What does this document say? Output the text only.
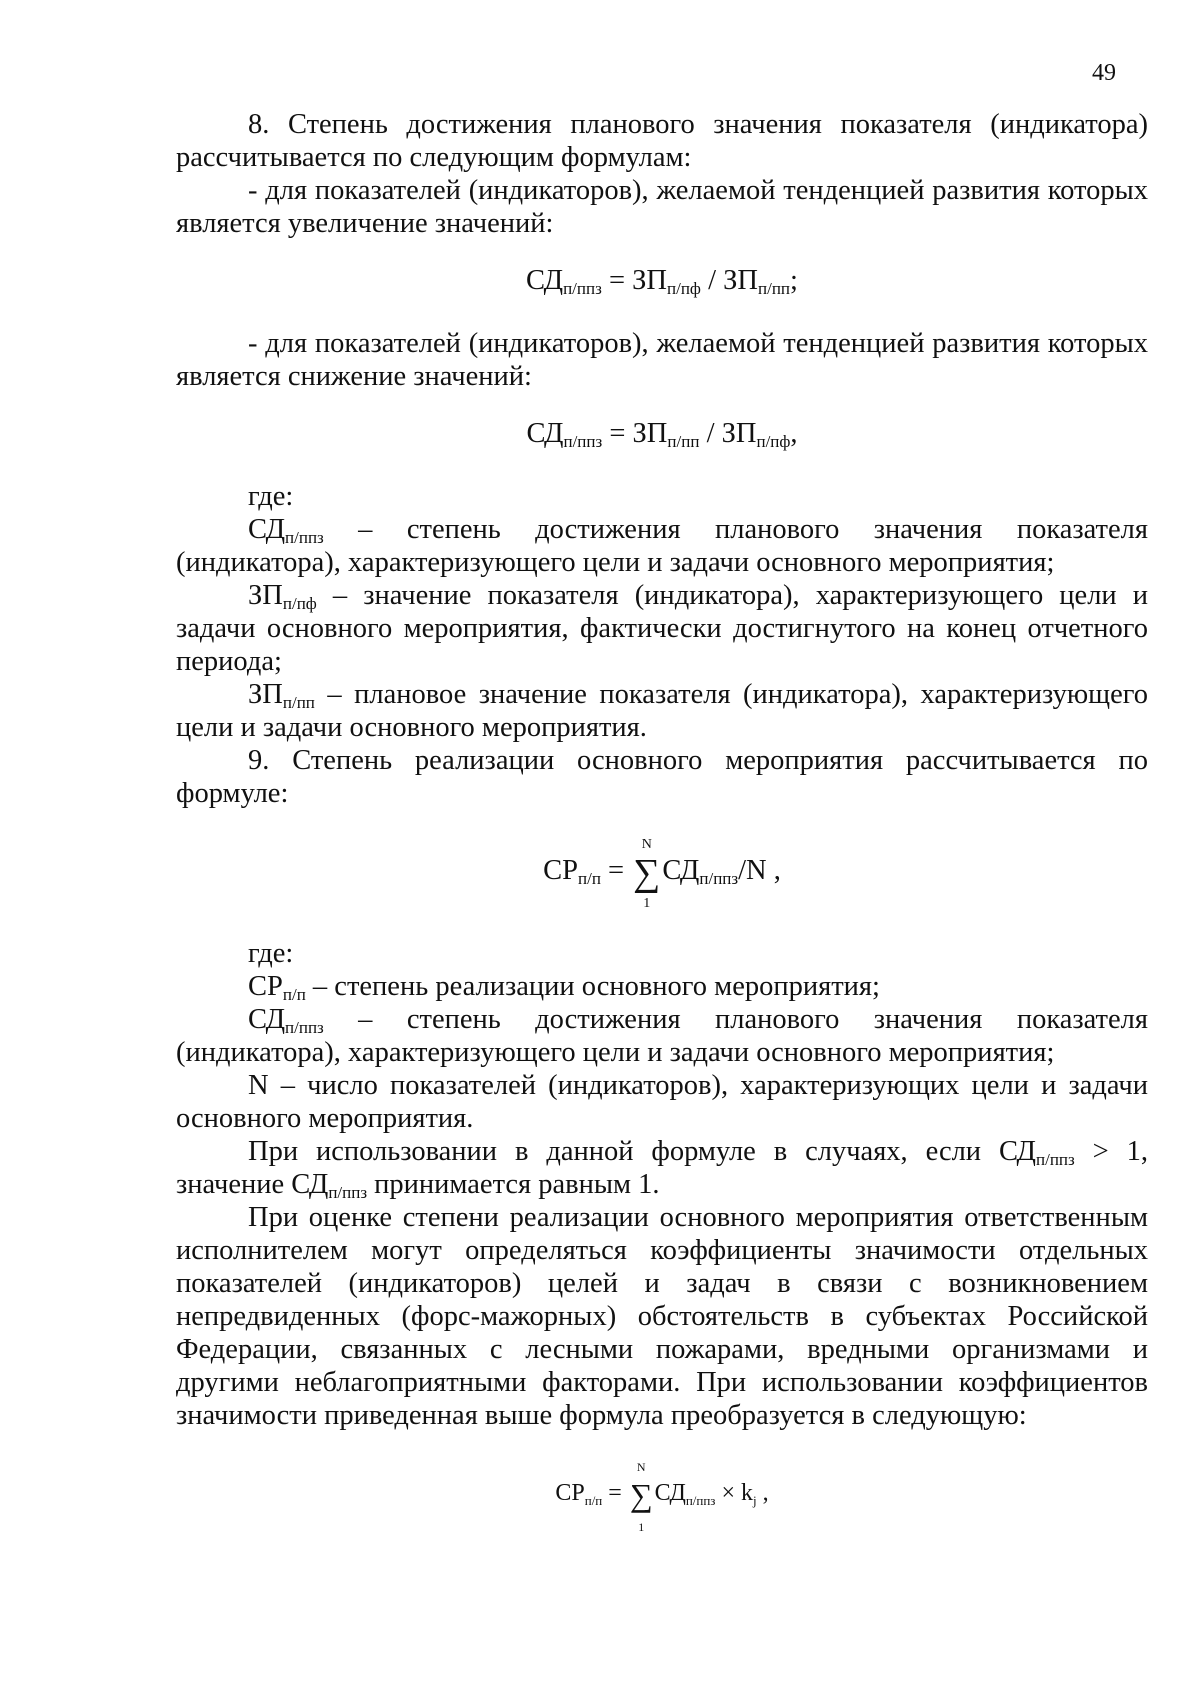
49

8. Степень достижения планового значения показателя (индикатора) рассчитывается по следующим формулам:

- для показателей (индикаторов), желаемой тенденцией развития которых является увеличение значений:

$СД_{п/ппз} = ЗП_{п/пф} / ЗП_{п/пп}$;

- для показателей (индикаторов), желаемой тенденцией развития которых является снижение значений:

$СД_{п/ппз} = ЗП_{п/пп} / ЗП_{п/пф}$,

где:

$СД_{п/ппз}$ – степень достижения планового значения показателя (индикатора), характеризующего цели и задачи основного мероприятия;

$ЗП_{п/пф}$ – значение показателя (индикатора), характеризующего цели и задачи основного мероприятия, фактически достигнутого на конец отчетного периода;

$ЗП_{п/пп}$ – плановое значение показателя (индикатора), характеризующего цели и задачи основного мероприятия.

9. Степень реализации основного мероприятия рассчитывается по формуле:

$СР_{п/п}$ =
N
∑
1
$СД_{п/ппз}/N$ ,

где:

$СР_{п/п}$ – степень реализации основного мероприятия;

$СД_{п/ппз}$ – степень достижения планового значения показателя (индикатора), характеризующего цели и задачи основного мероприятия;

N – число показателей (индикаторов), характеризующих цели и задачи основного мероприятия.

При использовании в данной формуле в случаях, если $СД_{п/ппз} > 1$, значение $СД_{п/ппз}$ принимается равным 1.

При оценке степени реализации основного мероприятия ответственным исполнителем могут определяться коэффициенты значимости отдельных показателей (индикаторов) целей и задач в связи с возникновением непредвиденных (форс-мажорных) обстоятельств в субъектах Российской Федерации, связанных с лесными пожарами, вредными организмами и другими неблагоприятными факторами. При использовании коэффициентов значимости приведенная выше формула преобразуется в следующую:

$СР_{п/п}$ =
N
∑
1
$СД_{п/ппз} \times k_j$ ,
